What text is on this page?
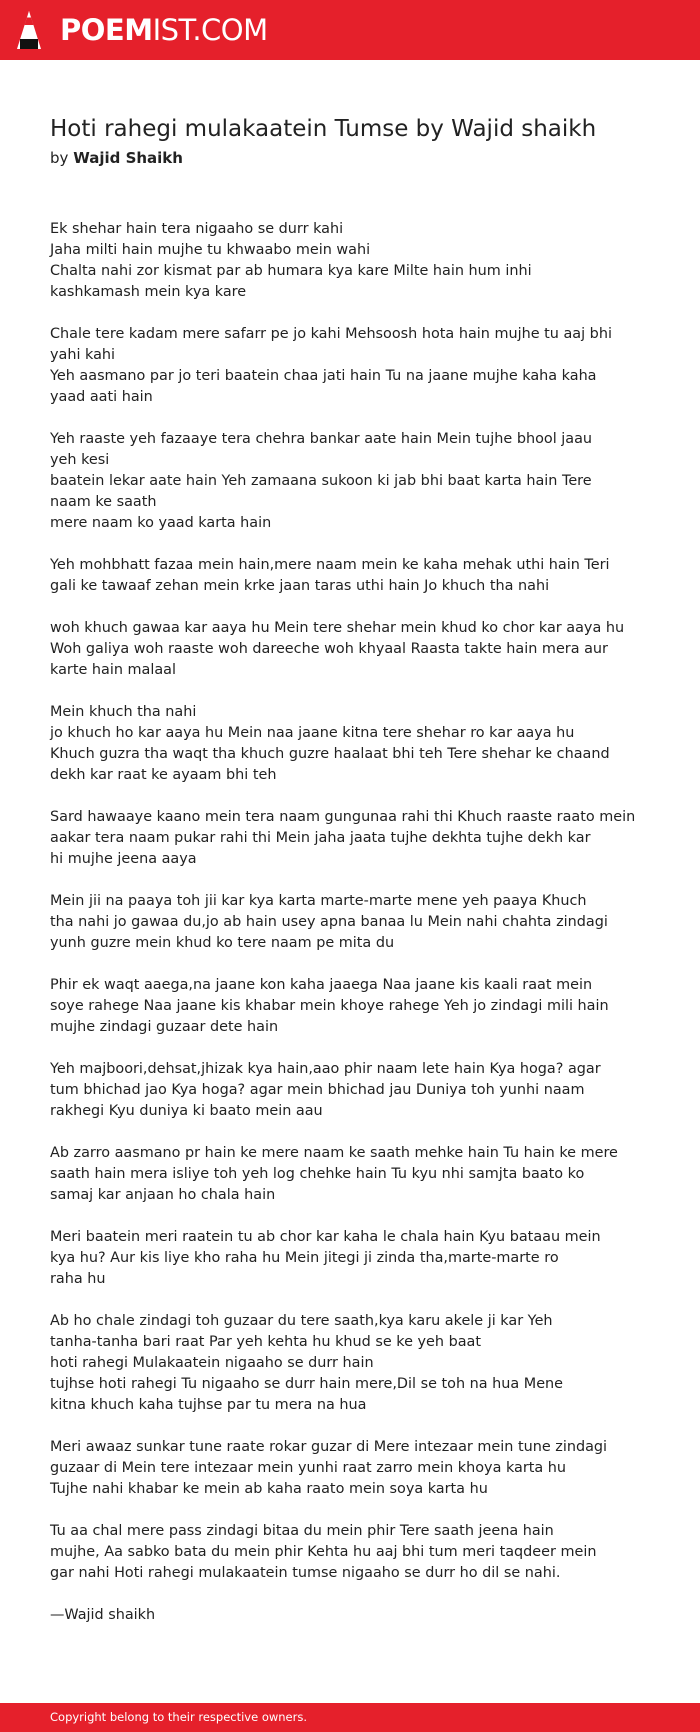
POEMIST.COM
Hoti rahegi mulakaatein Tumse by Wajid shaikh
by Wajid Shaikh

Ek shehar hain tera nigaaho se durr kahi
Jaha milti hain mujhe tu khwaabo mein wahi
Chalta nahi zor kismat par ab humara kya kare Milte hain hum inhi
kashkamash mein kya kare

Chale tere kadam mere safarr pe jo kahi Mehsoosh hota hain mujhe tu aaj bhi
yahi kahi
Yeh aasmano par jo teri baatein chaa jati hain Tu na jaane mujhe kaha kaha
yaad aati hain

Yeh raaste yeh fazaaye tera chehra bankar aate hain Mein tujhe bhool jaau
yeh kesi
baatein lekar aate hain Yeh zamaana sukoon ki jab bhi baat karta hain Tere
naam ke saath
mere naam ko yaad karta hain

Yeh mohbhatt fazaa mein hain,mere naam mein ke kaha mehak uthi hain Teri
gali ke tawaaf zehan mein krke jaan taras uthi hain Jo khuch tha nahi

woh khuch gawaa kar aaya hu Mein tere shehar mein khud ko chor kar aaya hu
Woh galiya woh raaste woh dareeche woh khyaal Raasta takte hain mera aur
karte hain malaal

Mein khuch tha nahi
jo khuch ho kar aaya hu Mein naa jaane kitna tere shehar ro kar aaya hu
Khuch guzra tha waqt tha khuch guzre haalaat bhi teh Tere shehar ke chaand
dekh kar raat ke ayaam bhi teh

Sard hawaaye kaano mein tera naam gungunaa rahi thi Khuch raaste raato mein
aakar tera naam pukar rahi thi Mein jaha jaata tujhe dekhta tujhe dekh kar
hi mujhe jeena aaya

Mein jii na paaya toh jii kar kya karta marte-marte mene yeh paaya Khuch
tha nahi jo gawaa du,jo ab hain usey apna banaa lu Mein nahi chahta zindagi
yunh guzre mein khud ko tere naam pe mita du

Phir ek waqt aaega,na jaane kon kaha jaaega Naa jaane kis kaali raat mein
soye rahege Naa jaane kis khabar mein khoye rahege Yeh jo zindagi mili hain
mujhe zindagi guzaar dete hain

Yeh majboori,dehsat,jhizak kya hain,aao phir naam lete hain Kya hoga? agar
tum bhichad jao Kya hoga? agar mein bhichad jau Duniya toh yunhi naam
rakhegi Kyu duniya ki baato mein aau

Ab zarro aasmano pr hain ke mere naam ke saath mehke hain Tu hain ke mere
saath hain mera isliye toh yeh log chehke hain Tu kyu nhi samjta baato ko
samaj kar anjaan ho chala hain

Meri baatein meri raatein tu ab chor kar kaha le chala hain Kyu bataau mein
kya hu? Aur kis liye kho raha hu Mein jitegi ji zinda tha,marte-marte ro
raha hu

Ab ho chale zindagi toh guzaar du tere saath,kya karu akele ji kar Yeh
tanha-tanha bari raat Par yeh kehta hu khud se ke yeh baat
hoti rahegi Mulakaatein nigaaho se durr hain
tujhse hoti rahegi Tu nigaaho se durr hain mere,Dil se toh na hua Mene
kitna khuch kaha tujhse par tu mera na hua

Meri awaaz sunkar tune raate rokar guzar di Mere intezaar mein tune zindagi
guzaar di Mein tere intezaar mein yunhi raat zarro mein khoya karta hu
Tujhe nahi khabar ke mein ab kaha raato mein soya karta hu

Tu aa chal mere pass zindagi bitaa du mein phir Tere saath jeena hain
mujhe, Aa sabko bata du mein phir Kehta hu aaj bhi tum meri taqdeer mein
gar nahi Hoti rahegi mulakaatein tumse nigaaho se durr ho dil se nahi.

—Wajid shaikh

Copyright belong to their respective owners.
